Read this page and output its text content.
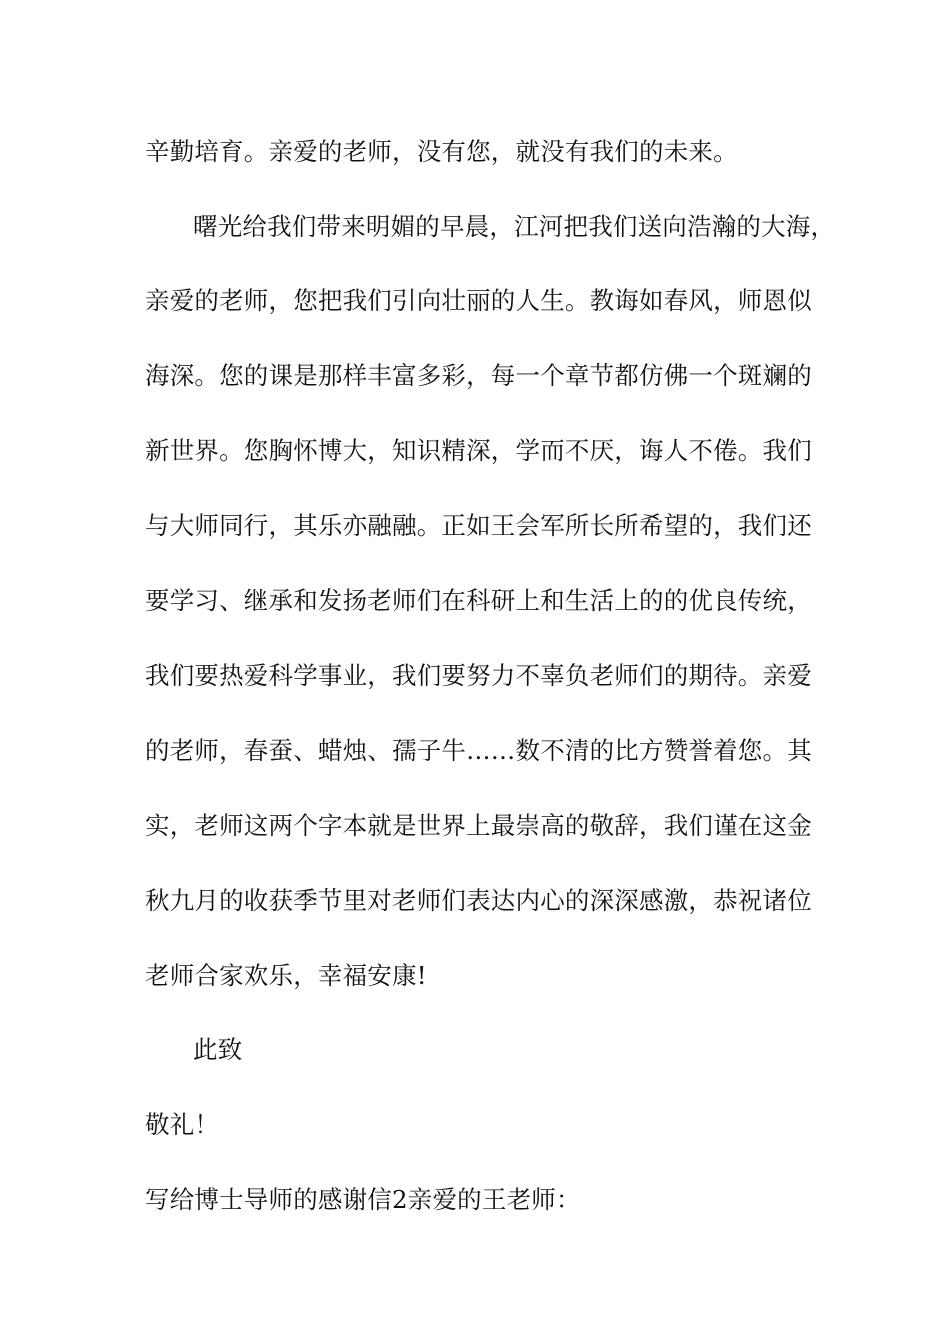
辛勤培育。亲爱的老师，没有您，就没有我们的未来。
曙光给我们带来明媚的早晨，江河把我们送向浩瀚的大海，
亲爱的老师，您把我们引向壮丽的人生。教诲如春风，师恩似
海深。您的课是那样丰富多彩，每一个章节都仿佛一个斑斓的
新世界。您胸怀博大，知识精深，学而不厌，诲人不倦。我们
与大师同行，其乐亦融融。正如王会军所长所希望的，我们还
要学习、继承和发扬老师们在科研上和生活上的的优良传统，
我们要热爱科学事业，我们要努力不辜负老师们的期待。亲爱
的老师，春蚕、蜡烛、孺子牛……数不清的比方赞誉着您。其
实，老师这两个字本就是世界上最崇高的敬辞，我们谨在这金
秋九月的收获季节里对老师们表达内心的深深感激，恭祝诸位
老师合家欢乐，幸福安康!
此致
敬礼！
写给博士导师的感谢信2亲爱的王老师：
